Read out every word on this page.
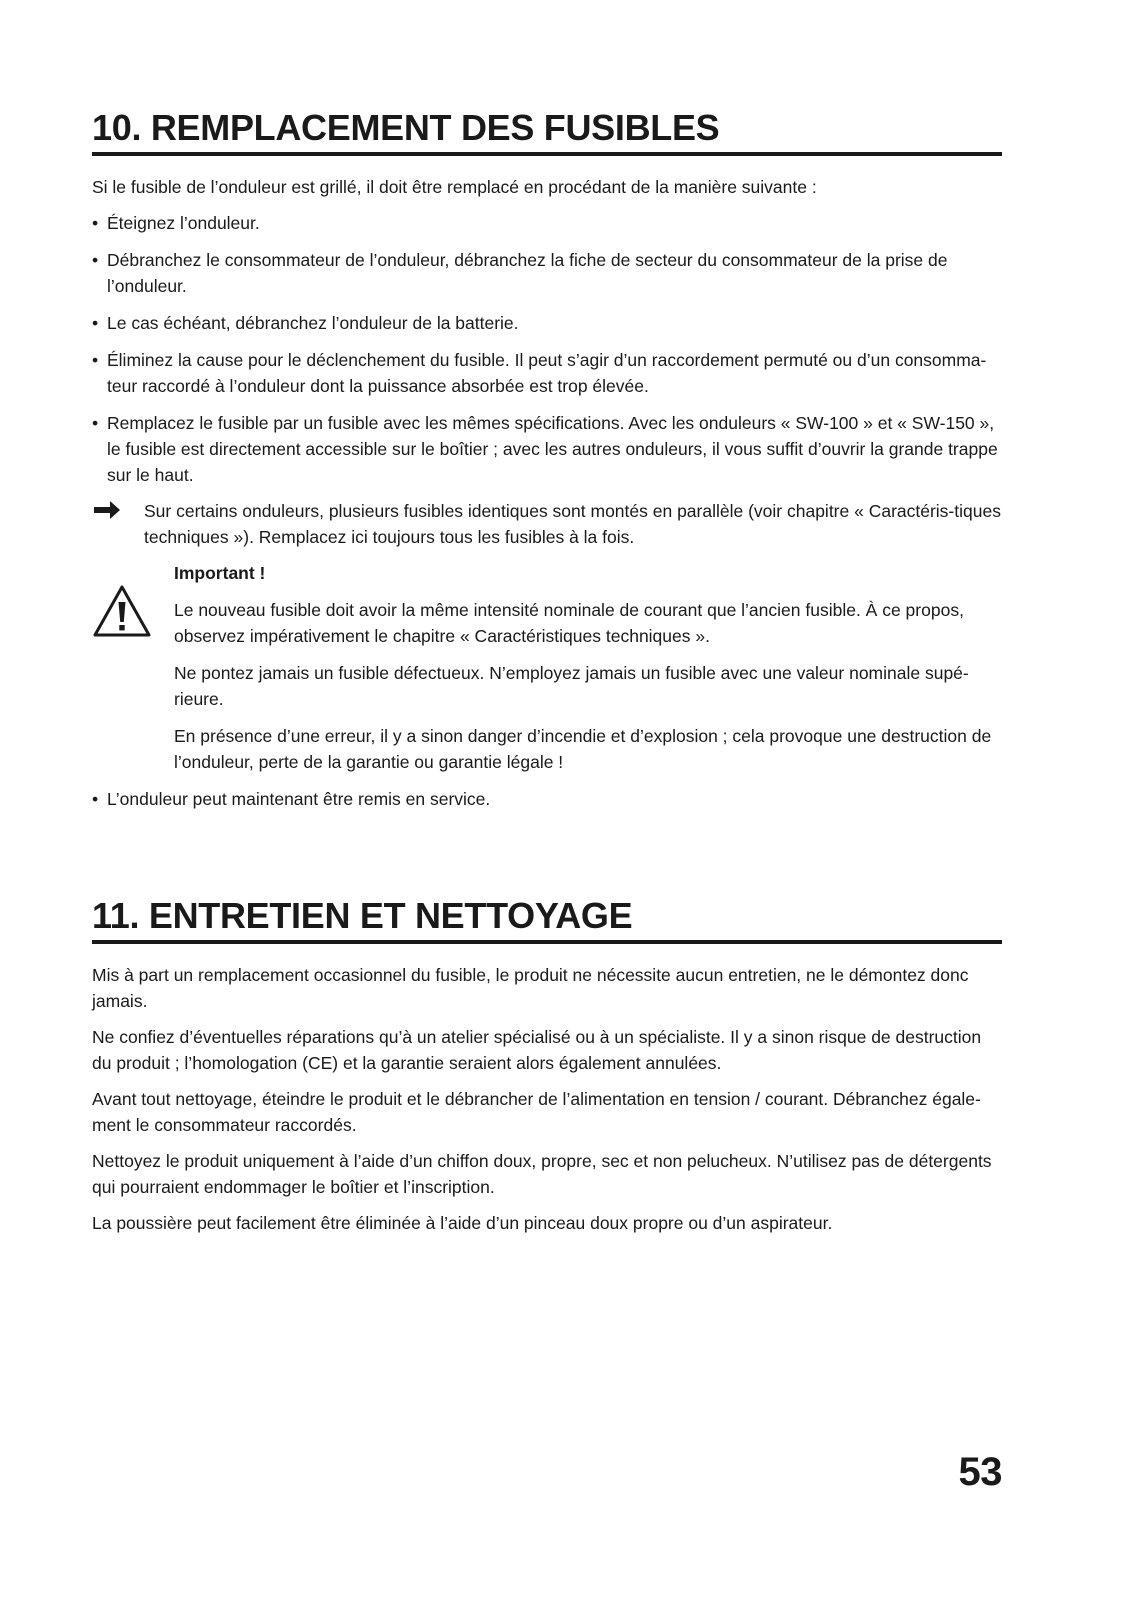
10. REMPLACEMENT DES FUSIBLES

Si le fusible de l’onduleur est grillé, il doit être remplacé en procédant de la manière suivante :

• Éteignez l’onduleur.
• Débranchez le consommateur de l’onduleur, débranchez la fiche de secteur du consommateur de la prise de l’onduleur.
• Le cas échéant, débranchez l’onduleur de la batterie.
• Éliminez la cause pour le déclenchement du fusible. Il peut s’agir d’un raccordement permuté ou d’un consomma-teur raccordé à l’onduleur dont la puissance absorbée est trop élevée.
• Remplacez le fusible par un fusible avec les mêmes spécifications. Avec les onduleurs « SW-100 » et « SW-150 », le fusible est directement accessible sur le boîtier ; avec les autres onduleurs, il vous suffit d’ouvrir la grande trappe sur le haut.

Sur certains onduleurs, plusieurs fusibles identiques sont montés en parallèle (voir chapitre « Caractéris-tiques techniques »). Remplacez ici toujours tous les fusibles à la fois.

Important !

Le nouveau fusible doit avoir la même intensité nominale de courant que l’ancien fusible. À ce propos, observez impérativement le chapitre « Caractéristiques techniques ».

Ne pontez jamais un fusible défectueux. N’employez jamais un fusible avec une valeur nominale supé-rieure.

En présence d’une erreur, il y a sinon danger d’incendie et d’explosion ; cela provoque une destruction de l’onduleur, perte de la garantie ou garantie légale !

• L’onduleur peut maintenant être remis en service.
11. ENTRETIEN ET NETTOYAGE

Mis à part un remplacement occasionnel du fusible, le produit ne nécessite aucun entretien, ne le démontez donc jamais.

Ne confiez d’éventuelles réparations qu’à un atelier spécialisé ou à un spécialiste. Il y a sinon risque de destruction du produit ; l’homologation (CE) et la garantie seraient alors également annulées.

Avant tout nettoyage, éteindre le produit et le débrancher de l’alimentation en tension / courant. Débranchez égale-ment le consommateur raccordés.

Nettoyez le produit uniquement à l’aide d’un chiffon doux, propre, sec et non pelucheux. N’utilisez pas de détergents qui pourraient endommager le boîtier et l’inscription.

La poussière peut facilement être éliminée à l’aide d’un pinceau doux propre ou d’un aspirateur.

53
